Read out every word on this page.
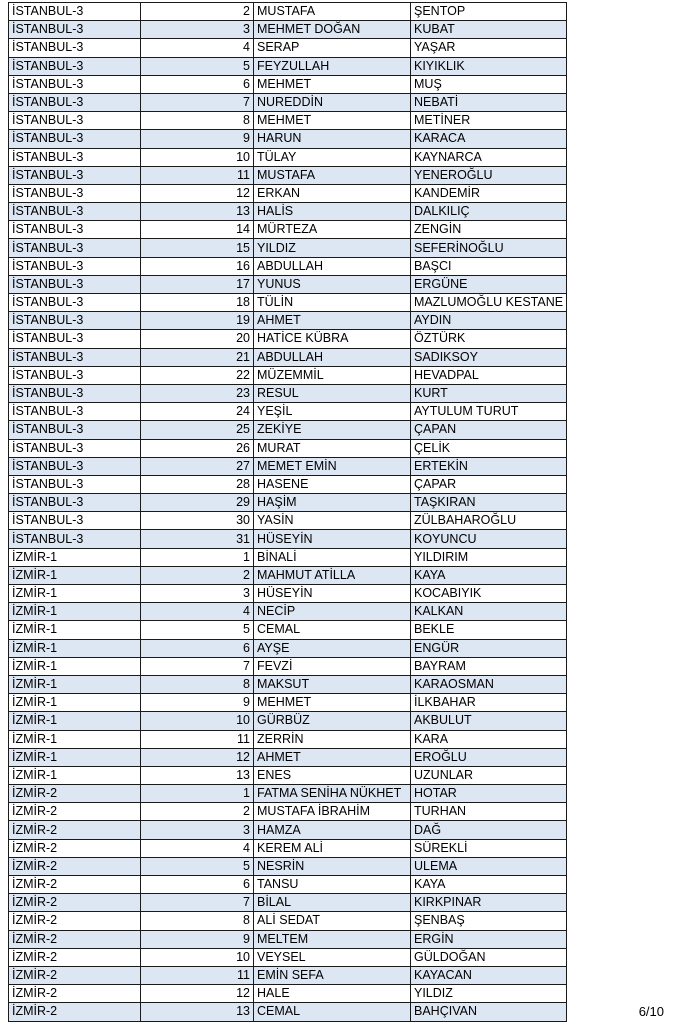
İSTANBUL-3	2	MUSTAFA	ŞENTOP
İSTANBUL-3	3	MEHMET DOĞAN	KUBAT
İSTANBUL-3	4	SERAP	YAŞAR
İSTANBUL-3	5	FEYZULLAH	KIYIKLIK
İSTANBUL-3	6	MEHMET	MUŞ
İSTANBUL-3	7	NUREDDİN	NEBATİ
İSTANBUL-3	8	MEHMET	METİNER
İSTANBUL-3	9	HARUN	KARACA
İSTANBUL-3	10	TÜLAY	KAYNARCA
İSTANBUL-3	11	MUSTAFA	YENEROĞLU
İSTANBUL-3	12	ERKAN	KANDEMİR
İSTANBUL-3	13	HALİS	DALKILIÇ
İSTANBUL-3	14	MÜRTEZA	ZENGİN
İSTANBUL-3	15	YILDIZ	SEFERİNOĞLU
İSTANBUL-3	16	ABDULLAH	BAŞCI
İSTANBUL-3	17	YUNUS	ERGÜNE
İSTANBUL-3	18	TÜLİN	MAZLUMOĞLU KESTANE
İSTANBUL-3	19	AHMET	AYDIN
İSTANBUL-3	20	HATİCE KÜBRA	ÖZTÜRK
İSTANBUL-3	21	ABDULLAH	SADIKSOY
İSTANBUL-3	22	MÜZEMMİL	HEVADPAL
İSTANBUL-3	23	RESUL	KURT
İSTANBUL-3	24	YEŞİL	AYTULUM TURUT
İSTANBUL-3	25	ZEKİYE	ÇAPAN
İSTANBUL-3	26	MURAT	ÇELİK
İSTANBUL-3	27	MEMET EMİN	ERTEKİN
İSTANBUL-3	28	HASENE	ÇAPAR
İSTANBUL-3	29	HAŞİM	TAŞKIRAN
İSTANBUL-3	30	YASİN	ZÜLBAHAROĞLU
İSTANBUL-3	31	HÜSEYİN	KOYUNCU
İZMİR-1	1	BİNALİ	YILDIRIM
İZMİR-1	2	MAHMUT ATİLLA	KAYA
İZMİR-1	3	HÜSEYİN	KOCABIYIK
İZMİR-1	4	NECİP	KALKAN
İZMİR-1	5	CEMAL	BEKLE
İZMİR-1	6	AYŞE	ENGÜR
İZMİR-1	7	FEVZİ	BAYRAM
İZMİR-1	8	MAKSUT	KARAOSMAN
İZMİR-1	9	MEHMET	İLKBAHAR
İZMİR-1	10	GÜRBÜZ	AKBULUT
İZMİR-1	11	ZERRİN	KARA
İZMİR-1	12	AHMET	EROĞLU
İZMİR-1	13	ENES	UZUNLAR
İZMİR-2	1	FATMA SENİHA NÜKHET	HOTAR
İZMİR-2	2	MUSTAFA İBRAHİM	TURHAN
İZMİR-2	3	HAMZA	DAĞ
İZMİR-2	4	KEREM ALİ	SÜREKLİ
İZMİR-2	5	NESRİN	ULEMA
İZMİR-2	6	TANSU	KAYA
İZMİR-2	7	BİLAL	KIRKPINAR
İZMİR-2	8	ALİ SEDAT	ŞENBAŞ
İZMİR-2	9	MELTEM	ERGİN
İZMİR-2	10	VEYSEL	GÜLDOĞAN
İZMİR-2	11	EMİN SEFA	KAYACAN
İZMİR-2	12	HALE	YILDIZ
İZMİR-2	13	CEMAL	BAHÇIVAN	6/10
